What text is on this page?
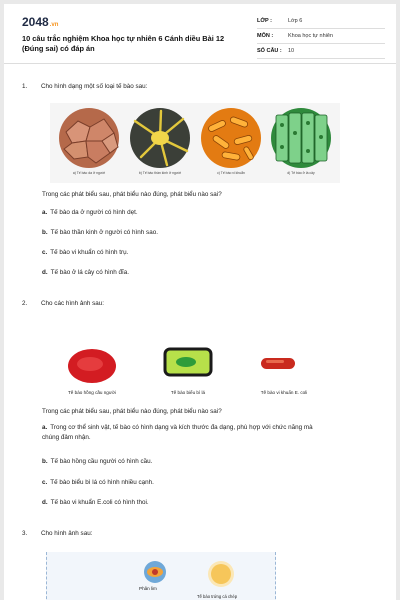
2048.vn
10 câu trắc nghiệm Khoa học tự nhiên 6 Cánh diều Bài 12 (Đúng sai) có đáp án
LỚP :	Lớp 6
MÔN :	Khoa học tự nhiên
SỐ CÂU :	10
1. Cho hình dạng một số loại tế bào sau:
a) Tế bào da ở người	b) Tế bào thần kinh ở người	c) Tế bào vi khuẩn	d) Tế bào ở lá cây
Trong các phát biểu sau, phát biểu nào đúng, phát biểu nào sai?
a. Tế bào da ở người có hình dẹt.
b. Tế bào thần kinh ở người có hình sao.
c. Tế bào vi khuẩn có hình trụ.
d. Tế bào ở lá cây có hình đĩa.
2. Cho các hình ảnh sau:
Tế bào hồng cầu người	Tế bào biểu bì lá	Tế bào vi khuẩn E. coli
Trong các phát biểu sau, phát biểu nào đúng, phát biểu nào sai?
a. Trong cơ thể sinh vật, tế bào có hình dạng và kích thước đa dạng, phù hợp với chức năng mà
chúng đảm nhận.
b. Tế bào hồng cầu người có hình cầu.
c. Tế bào biểu bì lá có hình nhiều cạnh.
d. Tế bào vi khuẩn E.coli có hình thoi.
3. Cho hình ảnh sau:
Phân lim
Tế bào trứng cá chép
